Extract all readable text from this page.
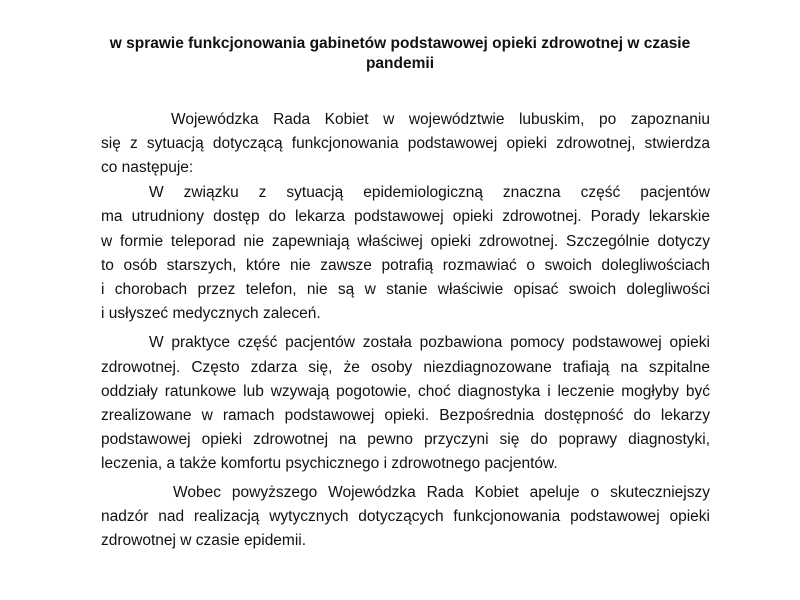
w sprawie funkcjonowania gabinetów podstawowej opieki zdrowotnej w czasie
pandemii

Wojewódzka Rada Kobiet w województwie lubuskim, po zapoznaniu
się z sytuacją dotyczącą funkcjonowania podstawowej opieki zdrowotnej, stwierdza
co następuje:

W związku z sytuacją epidemiologiczną znaczna część pacjentów
ma utrudniony dostęp do lekarza podstawowej opieki zdrowotnej. Porady lekarskie
w formie teleporad nie zapewniają właściwej opieki zdrowotnej. Szczególnie dotyczy
to osób starszych, które nie zawsze potrafią rozmawiać o swoich dolegliwościach
i chorobach przez telefon, nie są w stanie właściwie opisać swoich dolegliwości
i usłyszeć medycznych zaleceń.

W praktyce część pacjentów została pozbawiona pomocy podstawowej opieki
zdrowotnej. Często zdarza się, że osoby niezdiagnozowane trafiają na szpitalne
oddziały ratunkowe lub wzywają pogotowie, choć diagnostyka i leczenie mogłyby być
zrealizowane w ramach podstawowej opieki. Bezpośrednia dostępność do lekarzy
podstawowej opieki zdrowotnej na pewno przyczyni się do poprawy diagnostyki,
leczenia, a także komfortu psychicznego i zdrowotnego pacjentów.

Wobec powyższego Wojewódzka Rada Kobiet apeluje o skuteczniejszy
nadzór nad realizacją wytycznych dotyczących funkcjonowania podstawowej opieki
zdrowotnej w czasie epidemii.
